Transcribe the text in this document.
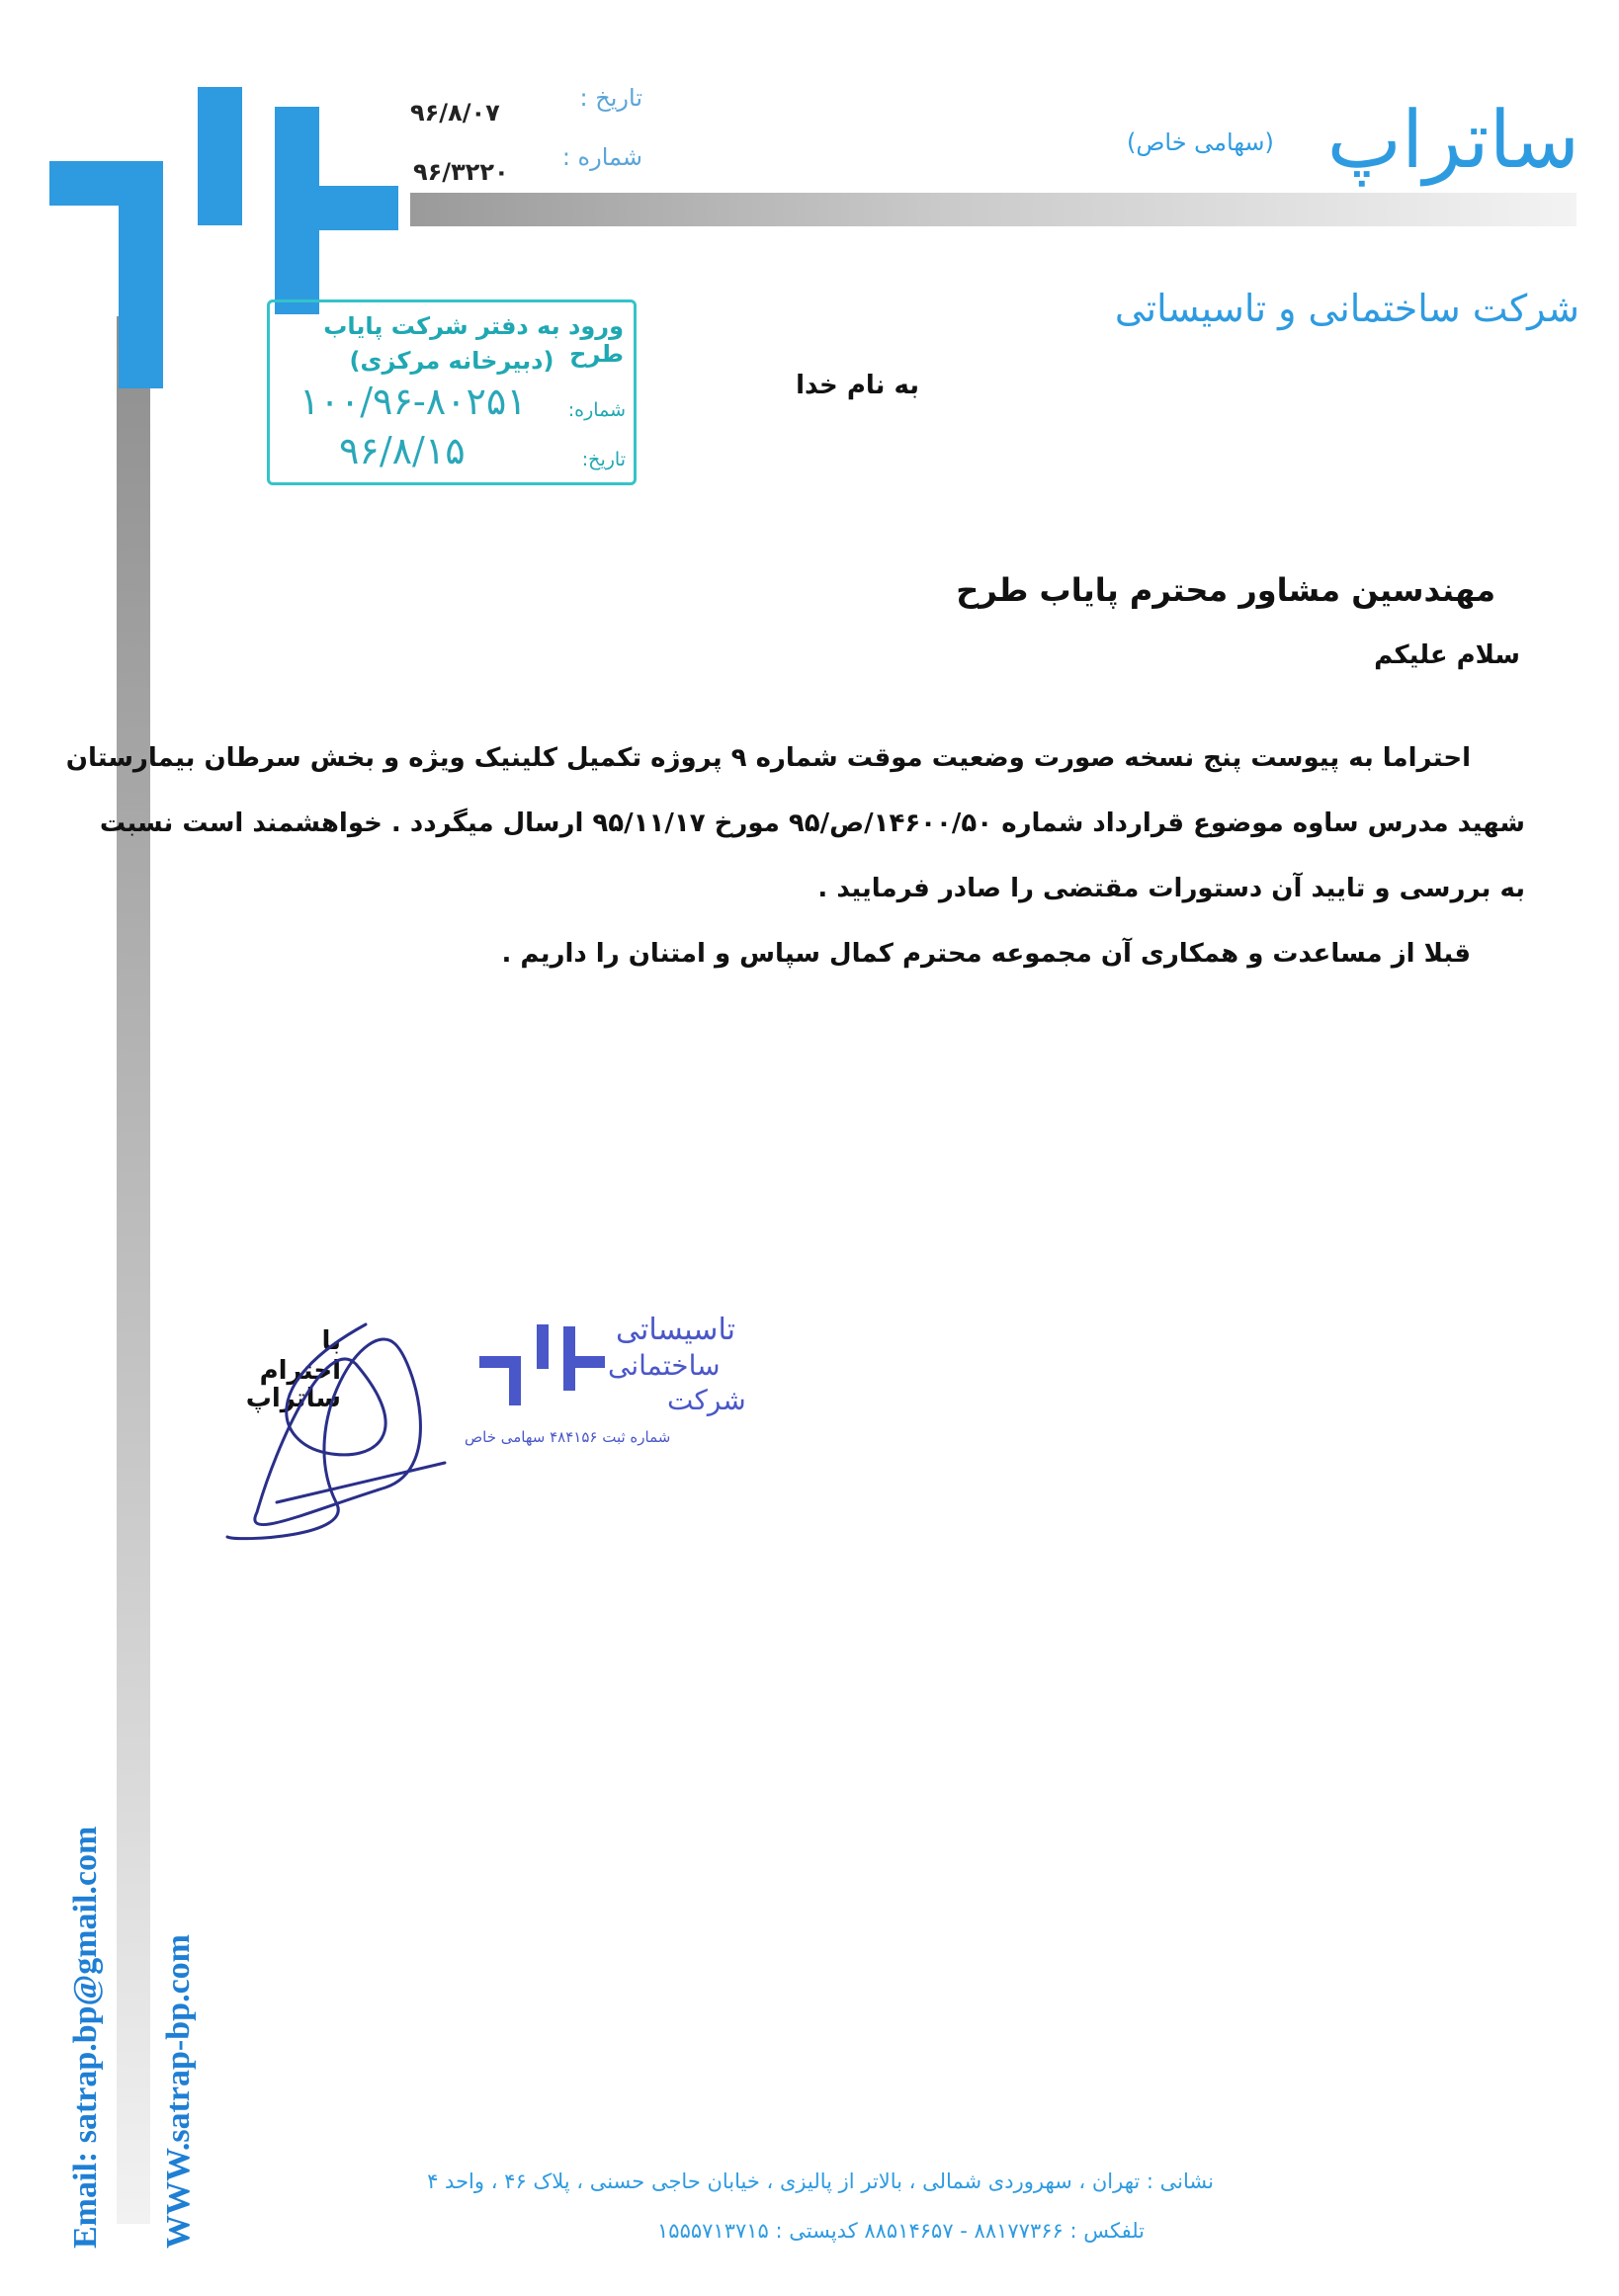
تاریخ :
۹۶/۸/۰۷
شماره :
۹۶/۳۲۲۰	ساتراپ
(سهامی خاص)
شرکت ساختمانی و تاسیساتی
ورود به دفتر شرکت پایاب طرح
(دبیرخانه مرکزی)
شماره:
۱۰۰/۹۶-۸۰۲۵۱
تاریخ:
۹۶/۸/۱۵
به نام خدا
مهندسین مشاور محترم پایاب طرح
سلام علیکم
احتراما به پیوست پنج نسخه صورت وضعیت موقت شماره ۹ پروژه تکمیل کلینیک ویژه و بخش سرطان بیمارستان
شهید مدرس ساوه موضوع قرارداد شماره ۱۴۶۰۰/۵۰/ص/۹۵ مورخ ۹۵/۱۱/۱۷ ارسال میگردد . خواهشمند است نسبت
به بررسی و تایید آن دستورات مقتضی را صادر فرمایید .
قبلا از مساعدت و همکاری آن مجموعه محترم کمال سپاس و امتنان را داریم .
با احترام
ساتراپ
تاسیساتی
ساختمانی
شرکت
شماره ثبت ۴۸۴۱۵۶ سهامی خاص
نشانی : تهران ، سهروردی شمالی ، بالاتر از پالیزی ، خیابان حاجی حسنی ، پلاک ۴۶ ، واحد ۴
تلفکس : ۸۸۱۷۷۳۶۶ - ۸۸۵۱۴۶۵۷ کدپستی : ۱۵۵۵۷۱۳۷۱۵
Email: satrap.bp@gmail.com WWW.satrap-bp.com
